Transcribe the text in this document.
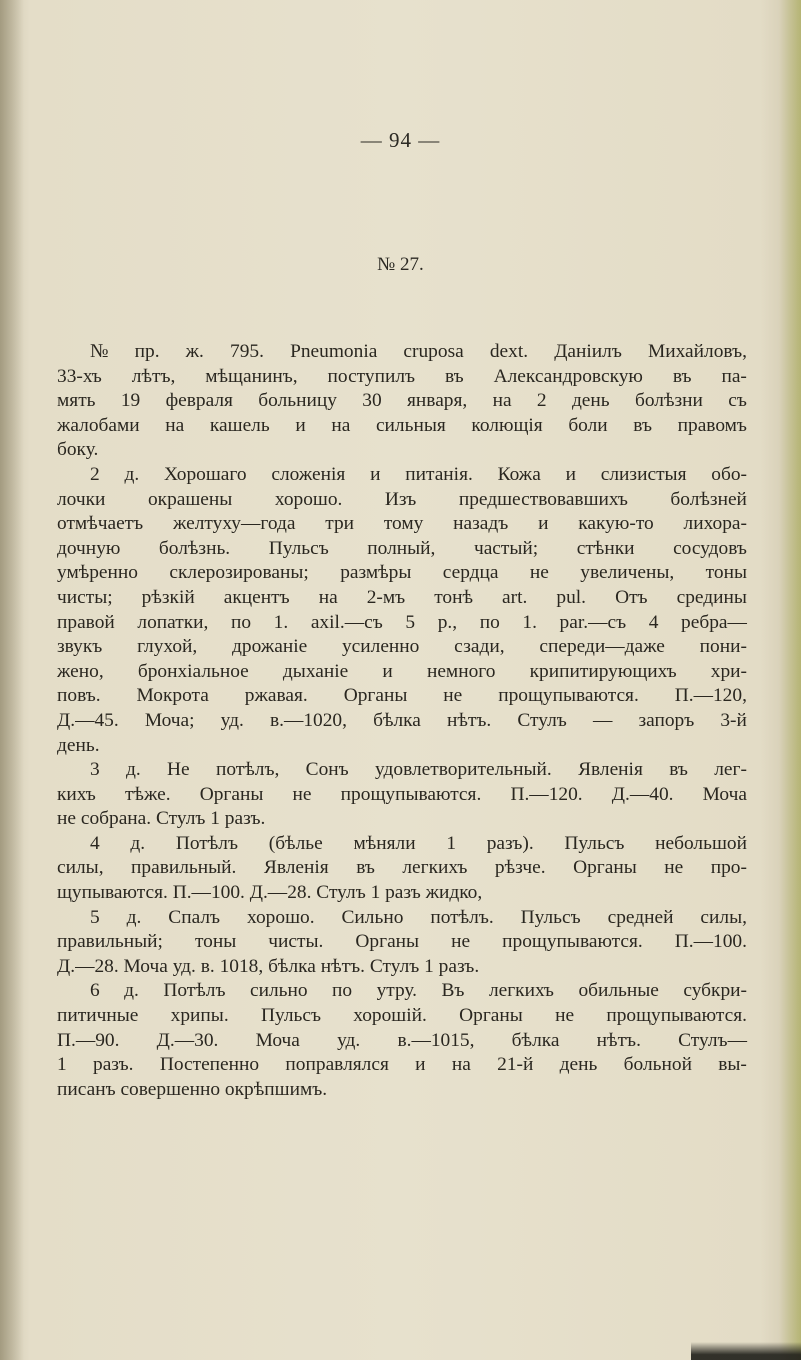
— 94 —
№ 27.
№ пр. ж. 795. Pneumonia cruposa dext. Даніилъ Михайловъ,
33-хъ лѣтъ, мѣщанинъ, поступилъ въ Александровскую въ па-
мять 19 февраля больницу 30 января, на 2 день болѣзни съ
жалобами на кашель и на сильныя колющія боли въ правомъ
боку.
2 д. Хорошаго сложенія и питанія. Кожа и слизистыя обо-
лочки окрашены хорошо. Изъ предшествовавшихъ болѣзней
отмѣчаетъ желтуху—года три тому назадъ и какую-то лихора-
дочную болѣзнь. Пульсъ полный, частый; стѣнки сосудовъ
умѣренно склерозированы; размѣры сердца не увеличены, тоны
чисты; рѣзкій акцентъ на 2-мъ тонѣ art. pul. Отъ средины
правой лопатки, по 1. axil.—съ 5 р., по 1. par.—съ 4 ребра—
звукъ глухой, дрожаніе усиленно сзади, спереди—даже пони-
жено, бронхіальное дыханіе и немного крипитирующихъ хри-
повъ. Мокрота ржавая. Органы не прощупываются. П.—120,
Д.—45. Моча; уд. в.—1020, бѣлка нѣтъ. Стулъ — запоръ 3-й
день.
3 д. Не потѣлъ, Сонъ удовлетворительный. Явленія въ лег-
кихъ тѣже. Органы не прощупываются. П.—120. Д.—40. Моча
не собрана. Стулъ 1 разъ.
4 д. Потѣлъ (бѣлье мѣняли 1 разъ). Пульсъ небольшой
силы, правильный. Явленія въ легкихъ рѣзче. Органы не про-
щупываются. П.—100. Д.—28. Стулъ 1 разъ жидко,
5 д. Спалъ хорошо. Сильно потѣлъ. Пульсъ средней силы,
правильный; тоны чисты. Органы не прощупываются. П.—100.
Д.—28. Моча уд. в. 1018, бѣлка нѣтъ. Стулъ 1 разъ.
6 д. Потѣлъ сильно по утру. Въ легкихъ обильные субкри-
питичные хрипы. Пульсъ хорошій. Органы не прощупываются.
П.—90. Д.—30. Моча уд. в.—1015, бѣлка нѣтъ. Стулъ—
1 разъ. Постепенно поправлялся и на 21-й день больной вы-
писанъ совершенно окрѣпшимъ.
